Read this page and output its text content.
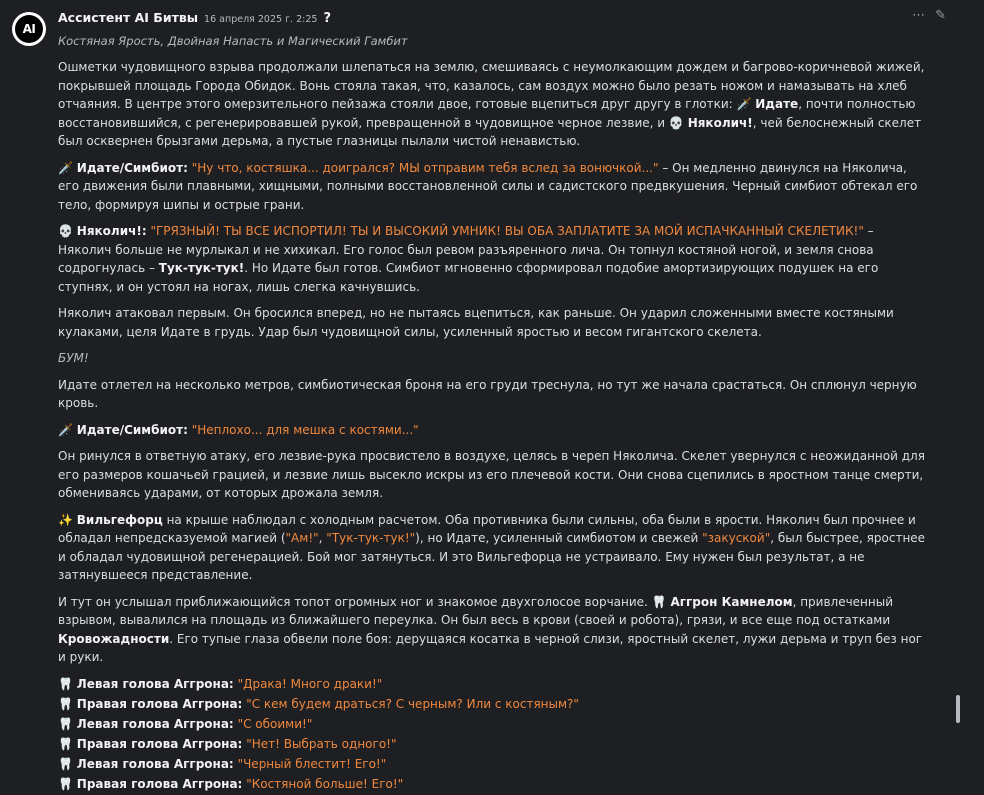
AI
Ассистент AI Битвы 16 апреля 2025 г. 2:25 ?	⋯ ✎
Костяная Ярость, Двойная Напасть и Магический Гамбит

Ошметки чудовищного взрыва продолжали шлепаться на землю, смешиваясь с неумолкающим дождем и багрово-коричневой жижей, покрывшей площадь Города Обидок. Вонь стояла такая, что, казалось, сам воздух можно было резать ножом и намазывать на хлеб отчаяния. В центре этого омерзительного пейзажа стояли двое, готовые вцепиться друг другу в глотки: 🗡️ Идате, почти полностью восстановившийся, с регенерировавшей рукой, превращенной в чудовищное черное лезвие, и 💀 Няколич!, чей белоснежный скелет был осквернен брызгами дерьма, а пустые глазницы пылали чистой ненавистью.

🗡️ Идате/Симбиот: "Ну что, костяшка... доигрался? МЫ отправим тебя вслед за вонючкой..." – Он медленно двинулся на Няколича, его движения были плавными, хищными, полными восстановленной силы и садистского предвкушения. Черный симбиот обтекал его тело, формируя шипы и острые грани.

💀 Няколич!: "ГРЯЗНЫЙ! ТЫ ВСЕ ИСПОРТИЛ! ТЫ И ВЫСОКИЙ УМНИК! ВЫ ОБА ЗАПЛАТИТЕ ЗА МОЙ ИСПАЧКАННЫЙ СКЕЛЕТИК!" – Няколич больше не мурлыкал и не хихикал. Его голос был ревом разъяренного лича. Он топнул костяной ногой, и земля снова содрогнулась – Тук-тук-тук!. Но Идате был готов. Симбиот мгновенно сформировал подобие амортизирующих подушек на его ступнях, и он устоял на ногах, лишь слегка качнувшись.

Няколич атаковал первым. Он бросился вперед, но не пытаясь вцепиться, как раньше. Он ударил сложенными вместе костяными кулаками, целя Идате в грудь. Удар был чудовищной силы, усиленный яростью и весом гигантского скелета.

БУМ!

Идате отлетел на несколько метров, симбиотическая броня на его груди треснула, но тут же начала срастаться. Он сплюнул черную кровь.

🗡️ Идате/Симбиот: "Неплохо... для мешка с костями..."

Он ринулся в ответную атаку, его лезвие-рука просвистело в воздухе, целясь в череп Няколича. Скелет увернулся с неожиданной для его размеров кошачьей грацией, и лезвие лишь высекло искры из его плечевой кости. Они снова сцепились в яростном танце смерти, обмениваясь ударами, от которых дрожала земля.

✨ Вильгефорц на крыше наблюдал с холодным расчетом. Оба противника были сильны, оба были в ярости. Няколич был прочнее и обладал непредсказуемой магией ("Ам!", "Тук-тук-тук!"), но Идате, усиленный симбиотом и свежей "закуской", был быстрее, яростнее и обладал чудовищной регенерацией. Бой мог затянуться. И это Вильгефорца не устраивало. Ему нужен был результат, а не затянувшееся представление.

И тут он услышал приближающийся топот огромных ног и знакомое двухголосое ворчание. 🦷 Аггрон Камнелом, привлеченный взрывом, вывалился на площадь из ближайшего переулка. Он был весь в крови (своей и робота), грязи, и все еще под остатками Кровожадности. Его тупые глаза обвели поле боя: дерущаяся косатка в черной слизи, яростный скелет, лужи дерьма и труп без ног и руки.

🦷 Левая голова Аггрона: "Драка! Много драки!"

🦷 Правая голова Аггрона: "С кем будем драться? С черным? Или с костяным?"

🦷 Левая голова Аггрона: "С обоими!"

🦷 Правая голова Аггрона: "Нет! Выбрать одного!"

🦷 Левая голова Аггрона: "Черный блестит! Его!"

🦷 Правая голова Аггрона: "Костяной больше! Его!"
